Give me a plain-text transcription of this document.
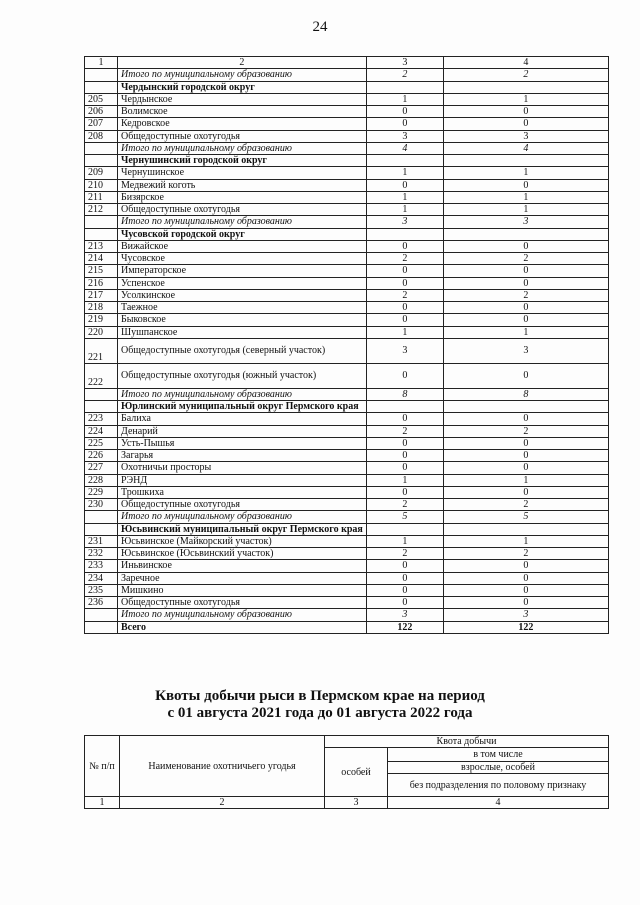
24
1	2	3	4
	Итого по муниципальному образованию	2	2
	Чердынский городской округ		
205	Чердынское	1	1
206	Волимское	0	0
207	Кедровское	0	0
208	Общедоступные охотугодья	3	3
	Итого по муниципальному образованию	4	4
	Чернушинский городской округ		
209	Чернушинское	1	1
210	Медвежий коготь	0	0
211	Бизярское	1	1
212	Общедоступные охотугодья	1	1
	Итого по муниципальному образованию	3	3
	Чусовской городской округ		
213	Вижайское	0	0
214	Чусовское	2	2
215	Императорское	0	0
216	Успенское	0	0
217	Усолкинское	2	2
218	Таежное	0	0
219	Быковское	0	0
220	Шушпанское	1	1
221	Общедоступные охотугодья (северный участок)	3	3
222	Общедоступные охотугодья (южный участок)	0	0
	Итого по муниципальному образованию	8	8
	Юрлинский муниципальный округ Пермского края		
223	Балиха	0	0
224	Денарий	2	2
225	Усть-Пышья	0	0
226	Загарья	0	0
227	Охотничьи просторы	0	0
228	РЭНД	1	1
229	Трошкиха	0	0
230	Общедоступные охотугодья	2	2
	Итого по муниципальному образованию	5	5
	Юсьвинский муниципальный округ Пермского края		
231	Юсьвинское (Майкорский участок)	1	1
232	Юсьвинское (Юсьвинский участок)	2	2
233	Иньвинское	0	0
234	Заречное	0	0
235	Мишкино	0	0
236	Общедоступные охотугодья	0	0
	Итого по муниципальному образованию	3	3
	Всего	122	122
Квоты добычи рыси в Пермском крае на период
с 01 августа 2021 года до 01 августа 2022 года
№ п/п	Наименование охотничьего угодья	Квота добычи	
		особей	в том числе
			взрослые, особей
			без подразделения по половому признаку
1	2	3	4
